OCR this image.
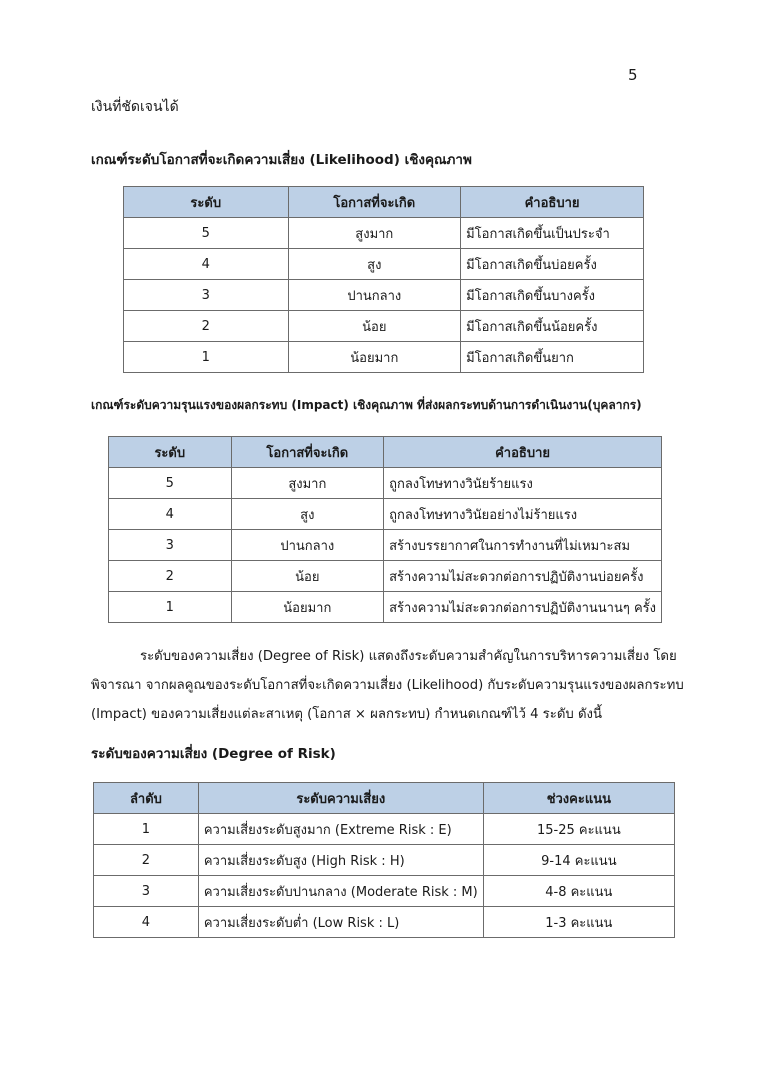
5
เงินที่ชัดเจนได้
เกณฑ์ระดับโอกาสที่จะเกิดความเสี่ยง (Likelihood) เชิงคุณภาพ
ระดับ	โอกาสที่จะเกิด	คำอธิบาย
5	สูงมาก	มีโอกาสเกิดขึ้นเป็นประจำ
4	สูง	มีโอกาสเกิดขึ้นบ่อยครั้ง
3	ปานกลาง	มีโอกาสเกิดขึ้นบางครั้ง
2	น้อย	มีโอกาสเกิดขึ้นน้อยครั้ง
1	น้อยมาก	มีโอกาสเกิดขึ้นยาก
เกณฑ์ระดับความรุนแรงของผลกระทบ (Impact) เชิงคุณภาพ ที่ส่งผลกระทบด้านการดำเนินงาน(บุคลากร)
ระดับ	โอกาสที่จะเกิด	คำอธิบาย
5	สูงมาก	ถูกลงโทษทางวินัยร้ายแรง
4	สูง	ถูกลงโทษทางวินัยอย่างไม่ร้ายแรง
3	ปานกลาง	สร้างบรรยากาศในการทำงานที่ไม่เหมาะสม
2	น้อย	สร้างความไม่สะดวกต่อการปฏิบัติงานบ่อยครั้ง
1	น้อยมาก	สร้างความไม่สะดวกต่อการปฏิบัติงานนานๆ ครั้ง
ระดับของความเสี่ยง (Degree of Risk) แสดงถึงระดับความสำคัญในการบริหารความเสี่ยง โดย
พิจารณา จากผลคูณของระดับโอกาสที่จะเกิดความเสี่ยง (Likelihood) กับระดับความรุนแรงของผลกระทบ
(Impact) ของความเสี่ยงแต่ละสาเหตุ (โอกาส × ผลกระทบ) กำหนดเกณฑ์ไว้ 4 ระดับ ดังนี้
ระดับของความเสี่ยง (Degree of Risk)
ลำดับ	ระดับความเสี่ยง	ช่วงคะแนน
1	ความเสี่ยงระดับสูงมาก (Extreme Risk : E)	15-25 คะแนน
2	ความเสี่ยงระดับสูง (High Risk : H)	9-14 คะแนน
3	ความเสี่ยงระดับปานกลาง (Moderate Risk : M)	4-8 คะแนน
4	ความเสี่ยงระดับต่ำ (Low Risk : L)	1-3 คะแนน
